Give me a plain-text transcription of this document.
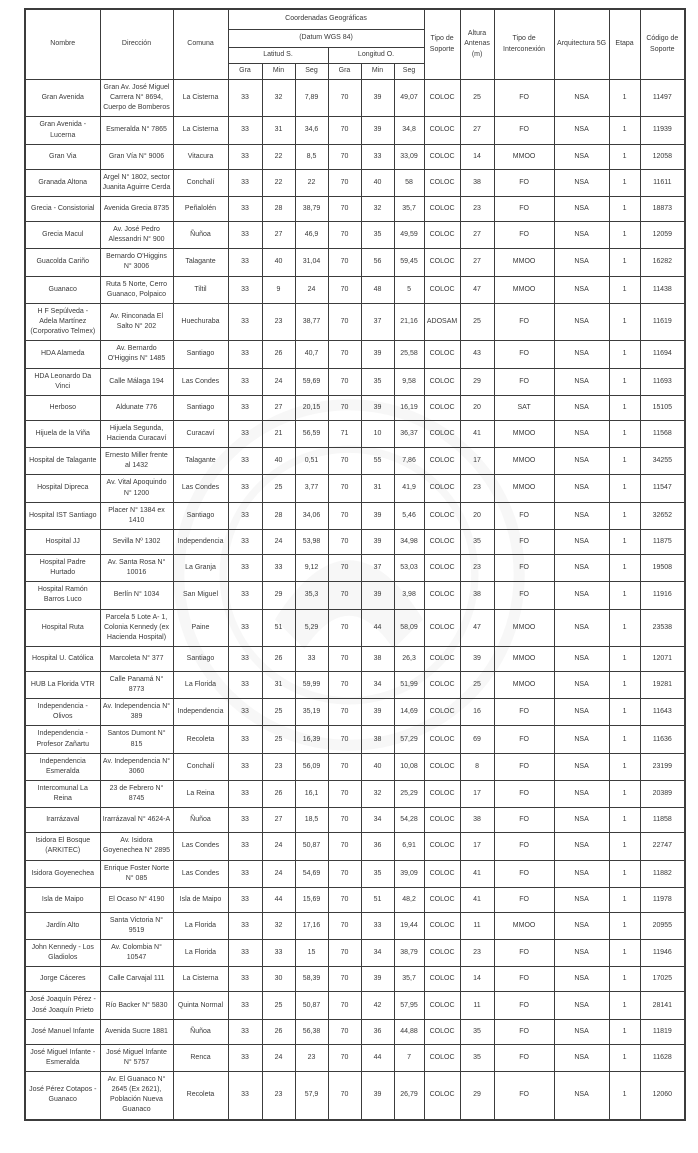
Nombre	Dirección	Comuna	Coordenadas Geográficas						Tipo de Soporte	Altura Antenas (m)	Tipo de Interconexión	Arquitectura 5G	Etapa	Código de Soporte
			(Datum WGS 84)											
			Latitud S.			Longitud O.								
			Gra	Min	Seg	Gra	Min	Seg						
Gran Avenida	Gran Av. José Miguel Carrera N° 8694, Cuerpo de Bomberos	La Cisterna	33	32	7,89	70	39	49,07	COLOC	25	FO	NSA	1	11497
Gran Avenida - Lucerna	Esmeralda N° 7865	La Cisterna	33	31	34,6	70	39	34,8	COLOC	27	FO	NSA	1	11939
Gran Via	Gran Vía N° 9006	Vitacura	33	22	8,5	70	33	33,09	COLOC	14	MMOO	NSA	1	12058
Granada Altona	Argel N° 1802, sector Juanita Aguirre Cerda	Conchalí	33	22	22	70	40	58	COLOC	38	FO	NSA	1	11611
Grecia - Consistorial	Avenida Grecia 8735	Peñalolén	33	28	38,79	70	32	35,7	COLOC	23	FO	NSA	1	18873
Grecia Macul	Av. José Pedro Alessandri N° 900	Ñuñoa	33	27	46,9	70	35	49,59	COLOC	27	FO	NSA	1	12059
Guacolda Cariño	Bernardo O'Higgins N° 3006	Talagante	33	40	31,04	70	56	59,45	COLOC	27	MMOO	NSA	1	16282
Guanaco	Ruta 5 Norte, Cerro Guanaco, Polpaico	Tiltil	33	9	24	70	48	5	COLOC	47	MMOO	NSA	1	11438
H F Sepúlveda - Adela Martínez (Corporativo Telmex)	Av. Rinconada El Salto N° 202	Huechuraba	33	23	38,77	70	37	21,16	ADOSAM	25	FO	NSA	1	11619
HDA Alameda	Av. Bernardo O'Higgins N° 1485	Santiago	33	26	40,7	70	39	25,58	COLOC	43	FO	NSA	1	11694
HDA Leonardo Da Vinci	Calle Málaga 194	Las Condes	33	24	59,69	70	35	9,58	COLOC	29	FO	NSA	1	11693
Herboso	Aldunate 776	Santiago	33	27	20,15	70	39	16,19	COLOC	20	SAT	NSA	1	15105
Hijuela de la Viña	Hijuela Segunda, Hacienda Curacaví	Curacaví	33	21	56,59	71	10	36,37	COLOC	41	MMOO	NSA	1	11568
Hospital de Talagante	Ernesto Miller frente al 1432	Talagante	33	40	0,51	70	55	7,86	COLOC	17	MMOO	NSA	1	34255
Hospital Dipreca	Av. Vital Apoquindo N° 1200	Las Condes	33	25	3,77	70	31	41,9	COLOC	23	MMOO	NSA	1	11547
Hospital IST Santiago	Placer N° 1384 ex 1410	Santiago	33	28	34,06	70	39	5,46	COLOC	20	FO	NSA	1	32652
Hospital JJ	Sevilla Nº 1302	Independencia	33	24	53,98	70	39	34,98	COLOC	35	FO	NSA	1	11875
Hospital Padre Hurtado	Av. Santa Rosa N° 10016	La Granja	33	33	9,12	70	37	53,03	COLOC	23	FO	NSA	1	19508
Hospital Ramón Barros Luco	Berlín N° 1034	San Miguel	33	29	35,3	70	39	3,98	COLOC	38	FO	NSA	1	11916
Hospital Ruta	Parcela 5 Lote A- 1, Colonia Kennedy (ex Hacienda Hospital)	Paine	33	51	5,29	70	44	58,09	COLOC	47	MMOO	NSA	1	23538
Hospital U. Católica	Marcoleta N° 377	Santiago	33	26	33	70	38	26,3	COLOC	39	MMOO	NSA	1	12071
HUB La Florida VTR	Calle Panamá N° 8773	La Florida	33	31	59,99	70	34	51,99	COLOC	25	MMOO	NSA	1	19281
Independencia - Olivos	Av. Independencia N° 389	Independencia	33	25	35,19	70	39	14,69	COLOC	16	FO	NSA	1	11643
Independencia - Profesor Zañartu	Santos Dumont N° 815	Recoleta	33	25	16,39	70	38	57,29	COLOC	69	FO	NSA	1	11636
Independencia Esmeralda	Av. Independencia N° 3060	Conchalí	33	23	56,09	70	40	10,08	COLOC	8	FO	NSA	1	23199
Intercomunal La Reina	23 de Febrero N° 8745	La Reina	33	26	16,1	70	32	25,29	COLOC	17	FO	NSA	1	20389
Irarrázaval	Irarrázaval N° 4624-A	Ñuñoa	33	27	18,5	70	34	54,28	COLOC	38	FO	NSA	1	11858
Isidora El Bosque (ARKITEC)	Av. Isidora Goyenechea N° 2895	Las Condes	33	24	50,87	70	36	6,91	COLOC	17	FO	NSA	1	22747
Isidora Goyenechea	Enrique Foster Norte N° 085	Las Condes	33	24	54,69	70	35	39,09	COLOC	41	FO	NSA	1	11882
Isla de Maipo	El Ocaso N° 4190	Isla de Maipo	33	44	15,69	70	51	48,2	COLOC	41	FO	NSA	1	11978
Jardín Alto	Santa Victoria N° 9519	La Florida	33	32	17,16	70	33	19,44	COLOC	11	MMOO	NSA	1	20955
John Kennedy - Los Gladiolos	Av. Colombia N° 10547	La Florida	33	33	15	70	34	38,79	COLOC	23	FO	NSA	1	11946
Jorge Cáceres	Calle Carvajal 111	La Cisterna	33	30	58,39	70	39	35,7	COLOC	14	FO	NSA	1	17025
José Joaquín Pérez - José Joaquín Prieto	Río Backer N° 5830	Quinta Normal	33	25	50,87	70	42	57,95	COLOC	11	FO	NSA	1	28141
José Manuel Infante	Avenida Sucre 1881	Ñuñoa	33	26	56,38	70	36	44,88	COLOC	35	FO	NSA	1	11819
José Miguel Infante - Esmeralda	José Miguel Infante N° 5757	Renca	33	24	23	70	44	7	COLOC	35	FO	NSA	1	11628
José Pérez Cotapos - Guanaco	Av. El Guanaco N° 2645 (Ex 2621), Población Nueva Guanaco	Recoleta	33	23	57,9	70	39	26,79	COLOC	29	FO	NSA	1	12060
